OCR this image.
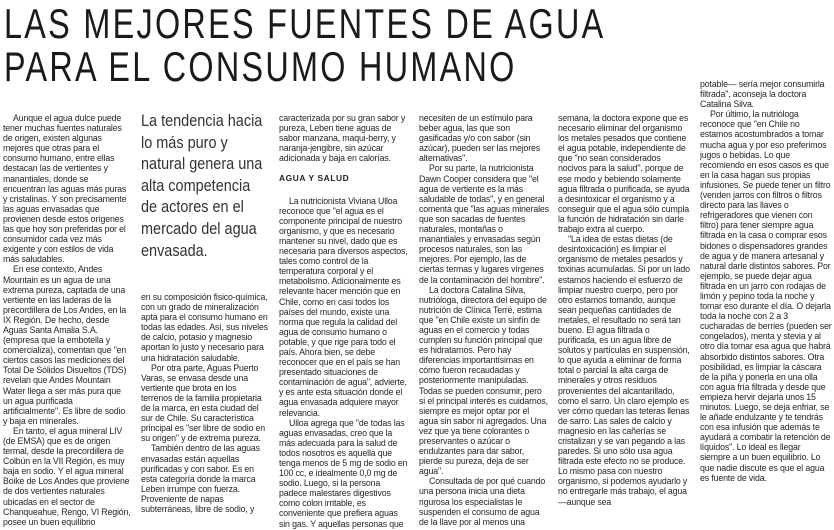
LAS MEJORES FUENTES DE AGUA
PARA EL CONSUMO HUMANO

Aunque el agua dulce puede tener muchas fuentes naturales de origen, existen algunas mejores que otras para el consumo humano, entre ellas destacan las de vertientes y manantiales, donde se encuentran las aguas más puras y cristalinas. Y son precisamente las aguas envasadas que provienen desde estos orígenes las que hoy son preferidas por el consumidor cada vez más exigente y con estilos de vida más saludables.

En ese contexto, Andes Mountain es un agua de una extrema pureza, captada de una vertiente en las laderas de la precordillera de Los Andes, en la IX Región. De hecho, desde Aguas Santa Amalia S.A. (empresa que la embotella y comercializa), comentan que "en ciertos casos las mediciones del Total De Sólidos Disueltos (TDS) revelan que Andes Mountain Water llega a ser más pura que un agua purificada artificialmente". Es libre de sodio y baja en minerales.

En tanto, el agua mineral LIV (de EMSA) que es de origen termal, desde la precordillera de Colbún en la VII Región, es muy baja en sodio. Y el agua mineral Boike de Los Andes que proviene de dos vertientes naturales ubicadas en el sector de Chanqueahue, Rengo, VI Región, posee un buen equilibrio

La tendencia hacia lo más puro y natural genera una alta competencia de actores en el mercado del agua envasada.

en su composición fisico-química, con un grado de mineralización apta para el consumo humano en todas las edades. Así, sus niveles de calcio, potasio y magnesio aportan lo justo y necesario para una hidratación saludable.

Por otra parte, Aguas Puerto Varas, se envasa desde una vertiente que brota en los terrenos de la familia propietaria de la marca, en esta ciudad del sur de Chile. Su característica principal es "ser libre de sodio en su origen" y de extrema pureza.

También dentro de las aguas envasadas están aquellas purificadas y con sabor. Es en esta categoría donde la marca Leben irrumpe con fuerza. Proveniente de napas subterráneas, libre de sodio, y

caracterizada por su gran sabor y pureza, Leben tiene aguas de sabor manzana, maqui-berry, y naranja-jengibre, sin azúcar adicionada y baja en calorías.

AGUA Y SALUD

La nutricionista Viviana Ulloa reconoce que "el agua es el componente principal de nuestro organismo, y que es necesario mantener su nivel, dado que es necesaria para diversos aspectos, tales como control de la temperatura corporal y el metabolismo. Adicionalmente es relevante hacer mención que en Chile, como en casi todos los países del mundo, existe una norma que regula la calidad del agua de consumo humano o potable, y que rige para todo el país. Ahora bien, se debe reconocer que en el país se han presentado situaciones de contaminación de agua", advierte, y es ante esta situación donde el agua envasada adquiere mayor relevancia.

Ulloa agrega que "de todas las aguas envasadas, creo que la más adecuada para la salud de todos nosotros es aquella que tenga menos de 5 mg de sodio en 100 cc, e idealmente 0,0 mg de sodio. Luego, si la persona padece malestares digestivos como colon irritable, es conveniente que prefiera aguas sin gas. Y aquellas personas que

necesiten de un estímulo para beber agua, las que son gasificadas y/o con sabor (sin azúcar), pueden ser las mejores alternativas".

Por su parte, la nutricionista Dawn Cooper considera que "el agua de vertiente es la más saludable de todas", y en general comenta que "las aguas minerales que son sacadas de fuentes naturales, montañas o manantiales y envasadas según procesos naturales, son las mejores. Por ejemplo, las de ciertas termas y lugares vírgenes de la contaminación del hombre".

La doctora Catalina Silva, nutrióloga, directora del equipo de nutrición de Clínica Terré, estima que "en Chile existe un sinfín de aguas en el comercio y todas cumplen su función principal que es hidratarnos. Pero hay diferencias importantísimas en cómo fueron recaudadas y posteriormente manipuladas. Todas se pueden consumir, pero si el principal interés es cuidarnos, siempre es mejor optar por el agua sin sabor ni agregados. Una vez que ya tiene colorantes o preservantes o azúcar o endulzantes para dar sabor, pierde su pureza, deja de ser agua".

Consultada de por qué cuando una persona inicia una dieta rigurosa los especialistas le suspenden el consumo de agua de la llave por al menos una

semana, la doctora expone que es necesario eliminar del organismo los metales pesados que contiene el agua potable, independiente de que "no sean considerados nocivos para la salud", porque de ese modo y bebiendo solamente agua filtrada o purificada, se ayuda a desintoxicar el organismo y a conseguir que el agua sólo cumpla la función de hidratación sin darle trabajo extra al cuerpo.

"La idea de estas dietas (de desintoxicación) es limpiar el organismo de metales pesados y toxinas acumuladas. Si por un lado estamos haciendo el esfuerzo de limpiar nuestro cuerpo, pero por otro estamos tomando, aunque sean pequeñas cantidades de metales, el resultado no será tan bueno. El agua filtrada o purificada, es un agua libre de solutos y partículas en suspensión, lo que ayuda a eliminar de forma total o parcial la alta carga de minerales y otros residuos provenientes del alcantarillado, como el sarro. Un claro ejemplo es ver cómo quedan las teteras llenas de sarro. Las sales de calcio y magnesio en las cañerías se cristalizan y se van pegando a las paredes. Si uno sólo usa agua filtrada este efecto no se produce. Lo mismo pasa con nuestro organismo, si podemos ayudarlo y no entregarle más trabajo, el agua —aunque sea

potable— sería mejor consumirla filtrada", aconseja la doctora Catalina Silva.

Por último, la nutrióloga reconoce que "en Chile no estamos acostumbrados a tomar mucha agua y por eso preferimos jugos o bebidas. Lo que recomiendo en esos casos es que en la casa hagan sus propias infusiones. Se puede tener un filtro (venden jarros con filtros o filtros directo para las llaves o refrigeradores que vienen con filtro) para tener siempre agua filtrada en la casa o comprar esos bidones o dispensadores grandes de agua y de manera artesanal y natural darle distintos sabores. Por ejemplo, se puede dejar agua filtrada en un jarro con rodajas de limón y pepino toda la noche y tomar eso durante el día. O dejarla toda la noche con 2 a 3 cucharadas de berries (pueden ser congelados), menta y stevia y al otro día tomar esa agua que habrá absorbido distintos sabores. Otra posibilidad, es limpiar la cáscara de la piña y ponerla en una olla con agua fría filtrada y desde que empieza hervir dejarla unos 15 minutos. Luego, se deja enfriar, se le añade endulzante y te tendrás con esa infusión que además te ayudará a combatir la retención de líquidos". Lo ideal es llegar siempre a un buen equilibrio. Lo que nadie discute es que el agua es fuente de vida.
